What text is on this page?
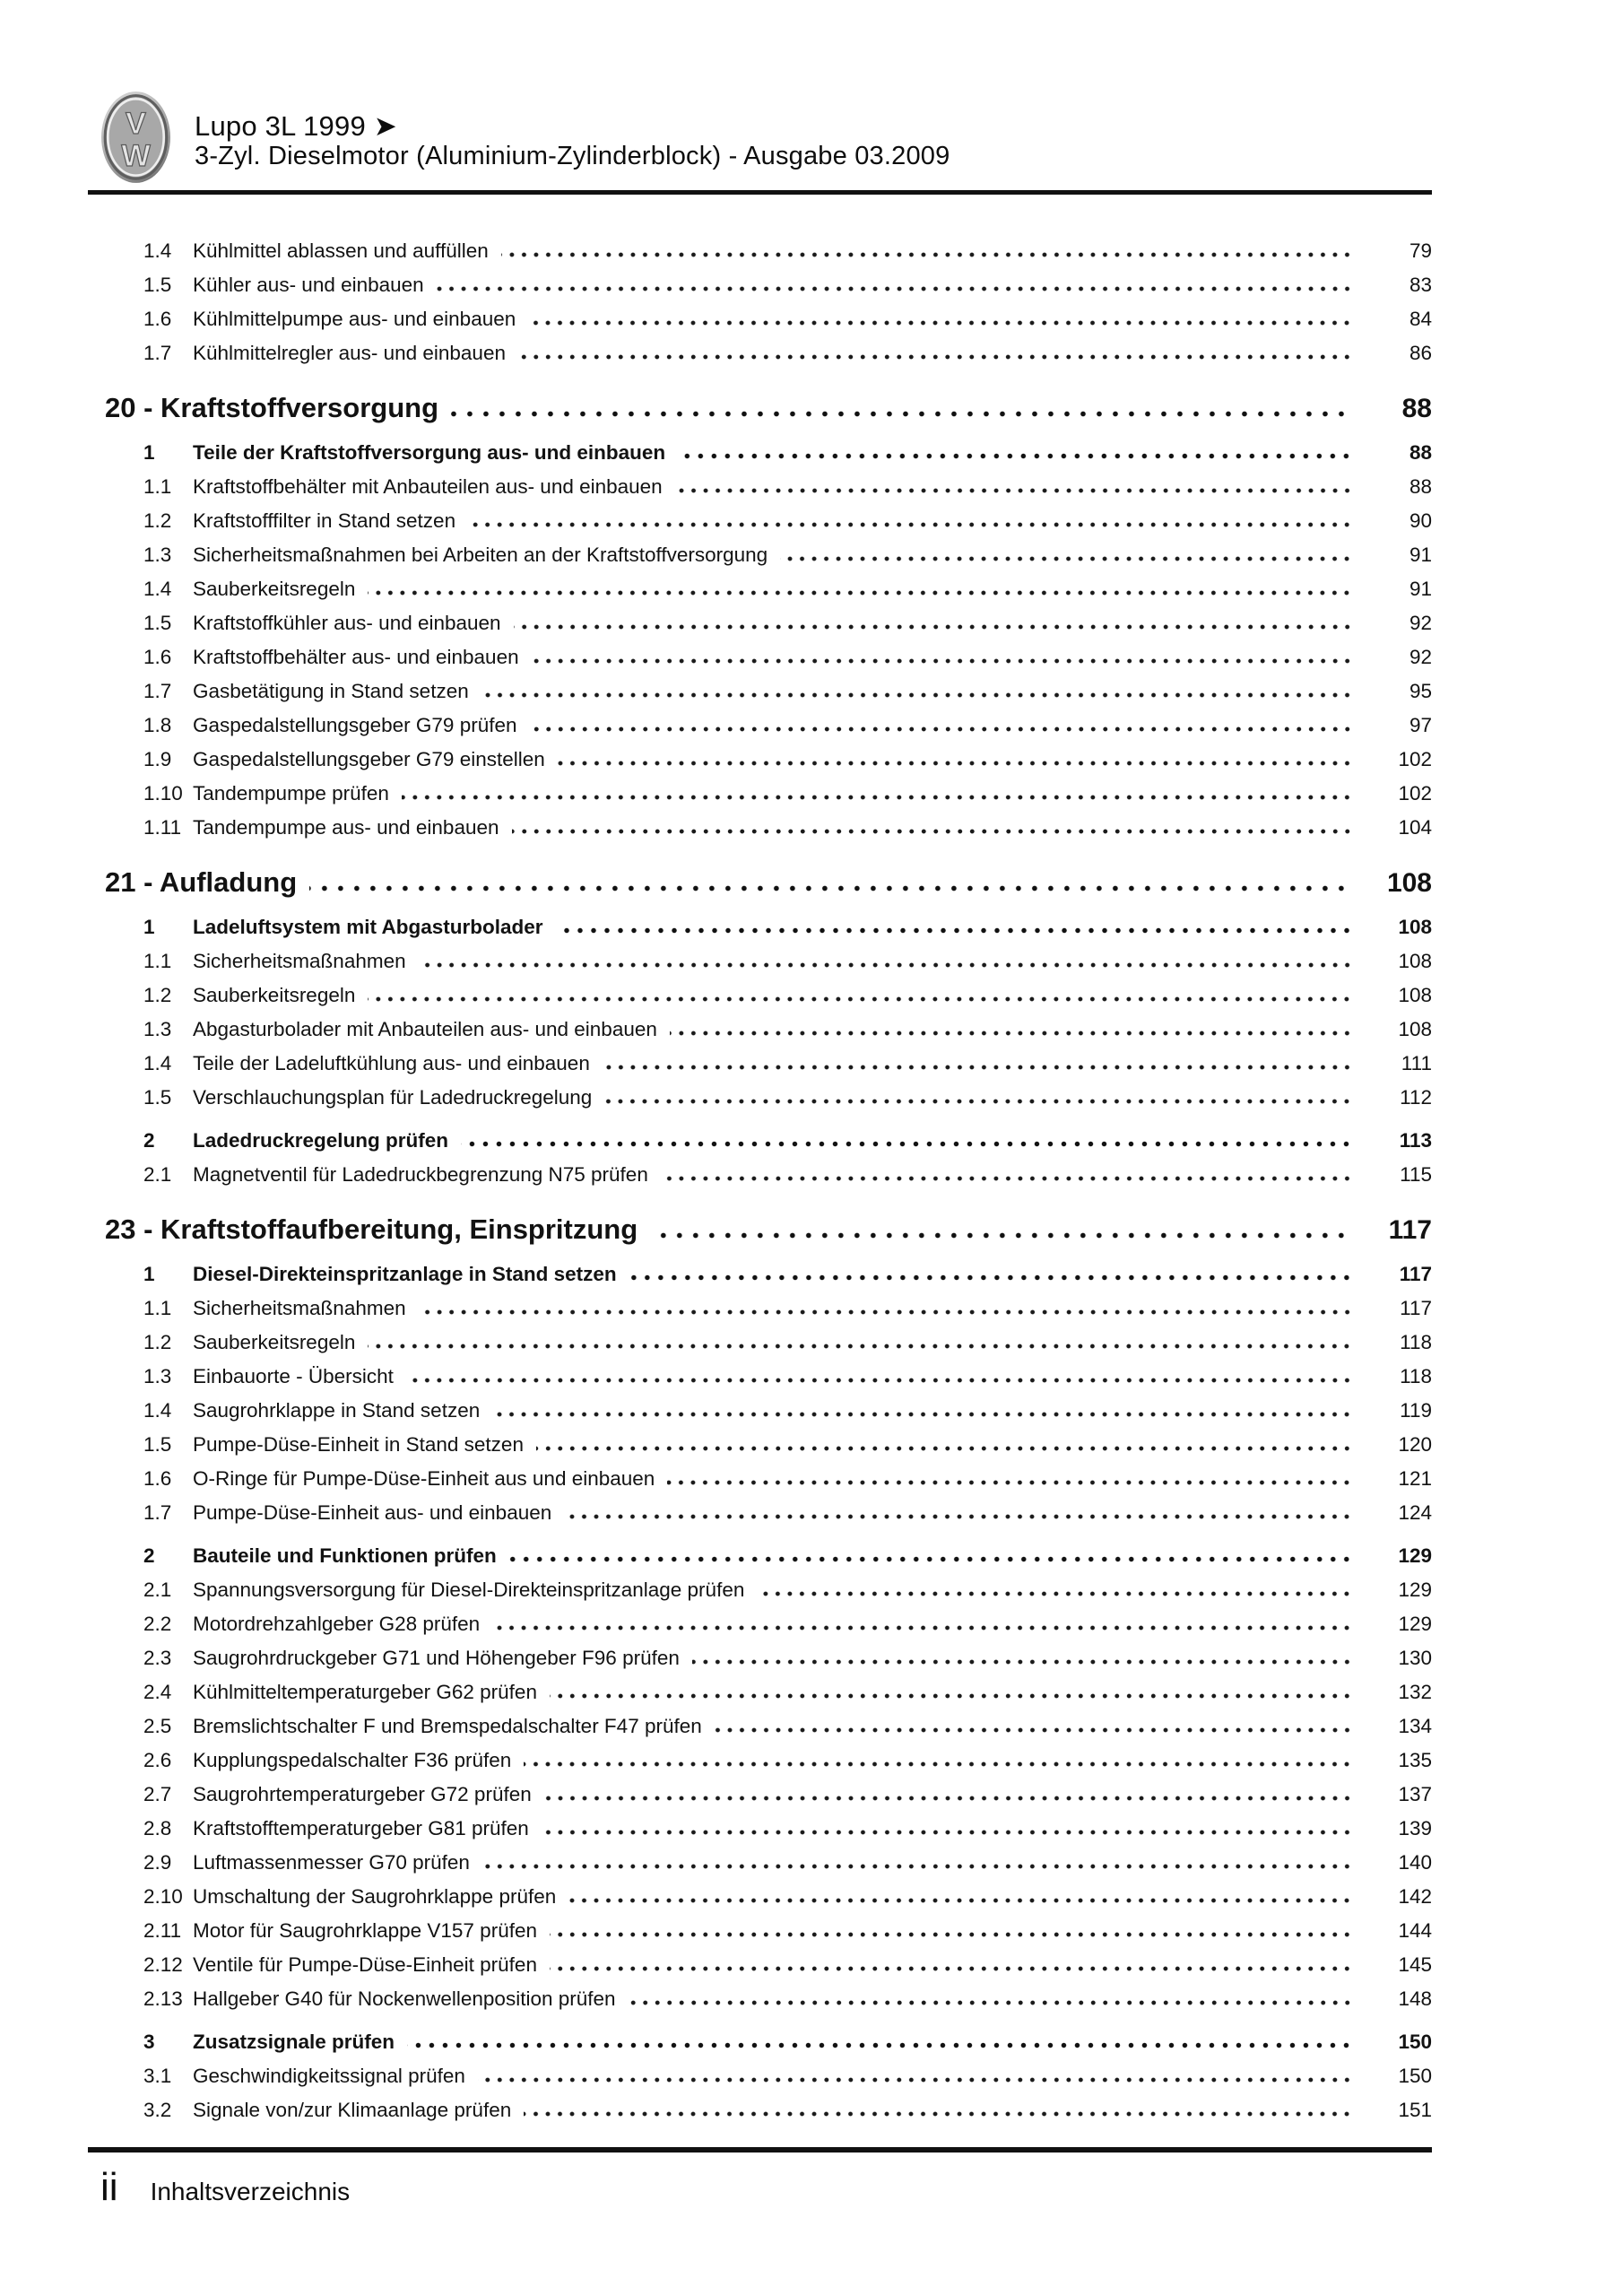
V
W
Lupo 3L 1999 ➤
3-Zyl. Dieselmotor (Aluminium-Zylinderblock) - Ausgabe 03.2009
1.4	Kühlmittel ablassen und auffüllen	79
1.5	Kühler aus- und einbauen	83
1.6	Kühlmittelpumpe aus- und einbauen	84
1.7	Kühlmittelregler aus- und einbauen	86
20 - Kraftstoffversorgung	88
1	Teile der Kraftstoffversorgung aus- und einbauen	88
1.1	Kraftstoffbehälter mit Anbauteilen aus- und einbauen	88
1.2	Kraftstofffilter in Stand setzen	90
1.3	Sicherheitsmaßnahmen bei Arbeiten an der Kraftstoffversorgung	91
1.4	Sauberkeitsregeln	91
1.5	Kraftstoffkühler aus- und einbauen	92
1.6	Kraftstoffbehälter aus- und einbauen	92
1.7	Gasbetätigung in Stand setzen	95
1.8	Gaspedalstellungsgeber G79 prüfen	97
1.9	Gaspedalstellungsgeber G79 einstellen	102
1.10 Tandempumpe prüfen	102
1.11 Tandempumpe aus- und einbauen	104
21 - Aufladung	108
1	Ladeluftsystem mit Abgasturbolader	108
1.1	Sicherheitsmaßnahmen	108
1.2	Sauberkeitsregeln	108
1.3	Abgasturbolader mit Anbauteilen aus- und einbauen	108
1.4	Teile der Ladeluftkühlung aus- und einbauen	111
1.5	Verschlauchungsplan für Ladedruckregelung	112
2	Ladedruckregelung prüfen	113
2.1	Magnetventil für Ladedruckbegrenzung N75 prüfen	115
23 - Kraftstoffaufbereitung, Einspritzung	117
1	Diesel-Direkteinspritzanlage in Stand setzen	117
1.1	Sicherheitsmaßnahmen	117
1.2	Sauberkeitsregeln	118
1.3	Einbauorte - Übersicht	118
1.4	Saugrohrklappe in Stand setzen	119
1.5	Pumpe-Düse-Einheit in Stand setzen	120
1.6	O-Ringe für Pumpe-Düse-Einheit aus und einbauen	121
1.7	Pumpe-Düse-Einheit aus- und einbauen	124
2	Bauteile und Funktionen prüfen	129
2.1	Spannungsversorgung für Diesel-Direkteinspritzanlage prüfen	129
2.2	Motordrehzahlgeber G28 prüfen	129
2.3	Saugrohrdruckgeber G71 und Höhengeber F96 prüfen	130
2.4	Kühlmitteltemperaturgeber G62 prüfen	132
2.5	Bremslichtschalter F und Bremspedalschalter F47 prüfen	134
2.6	Kupplungspedalschalter F36 prüfen	135
2.7	Saugrohrtemperaturgeber G72 prüfen	137
2.8	Kraftstofftemperaturgeber G81 prüfen	139
2.9	Luftmassenmesser G70 prüfen	140
2.10 Umschaltung der Saugrohrklappe prüfen	142
2.11 Motor für Saugrohrklappe V157 prüfen	144
2.12 Ventile für Pumpe-Düse-Einheit prüfen	145
2.13 Hallgeber G40 für Nockenwellenposition prüfen	148
3	Zusatzsignale prüfen	150
3.1	Geschwindigkeitssignal prüfen	150
3.2	Signale von/zur Klimaanlage prüfen	151
ii Inhaltsverzeichnis
